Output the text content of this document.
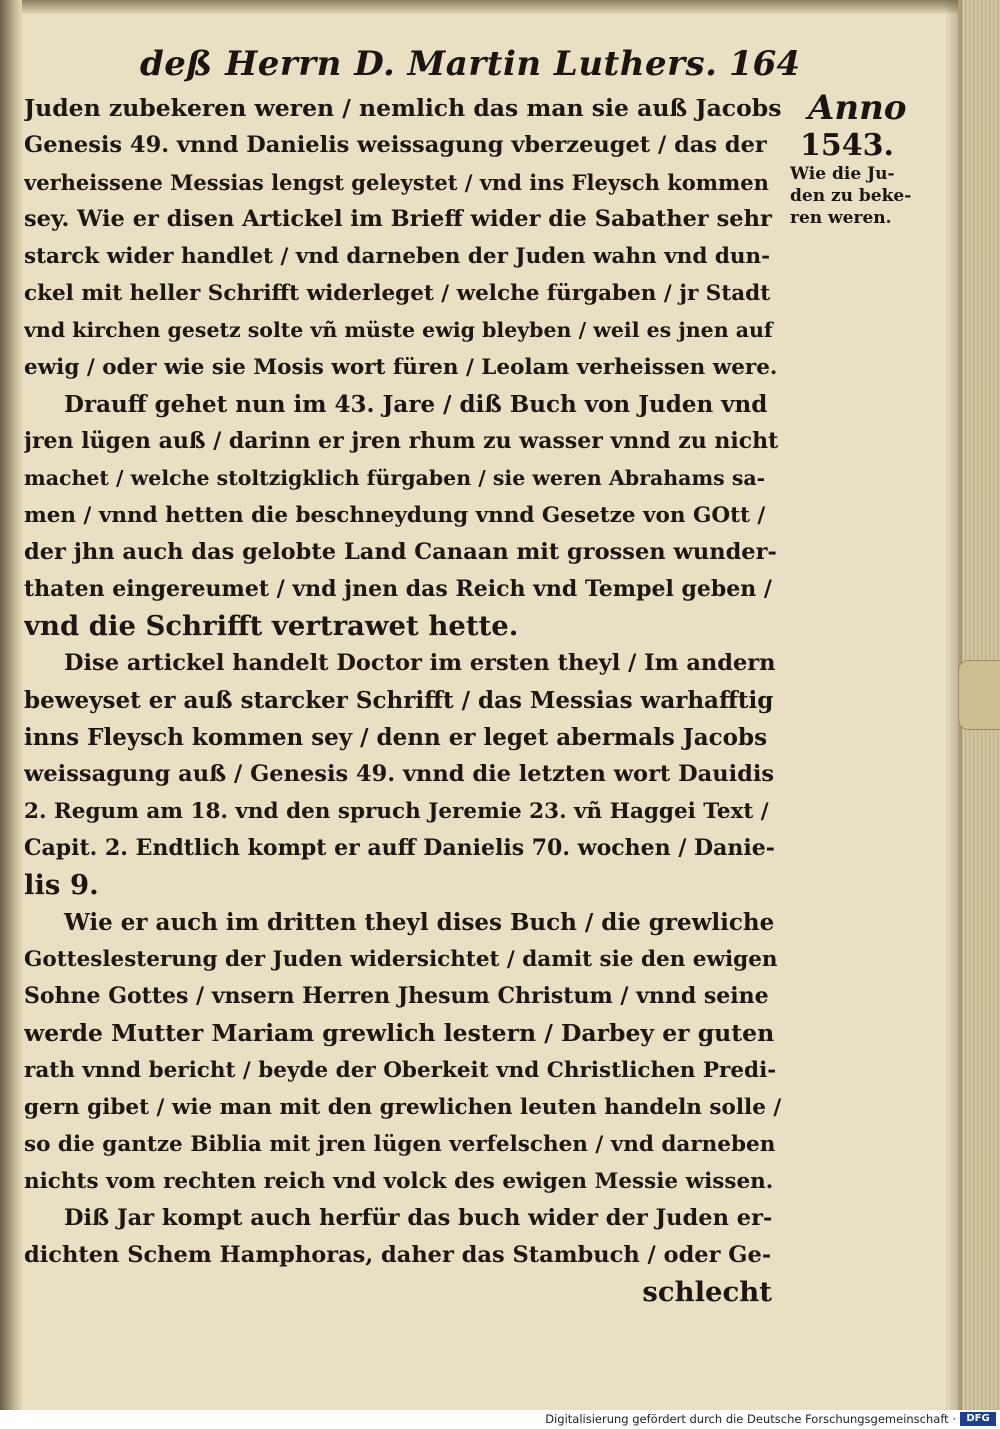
deß Herrn D. Martin Luthers. 164
Anno
1543.
Wie die Ju-
den zu beke-
ren weren.
Juden zubekeren weren / nemlich das man sie auß Jacobs
Genesis 49. vnnd Danielis weissagung vberzeuget / das der
verheissene Messias lengst geleystet / vnd ins Fleysch kommen
sey. Wie er disen Artickel im Brieff wider die Sabather sehr
starck wider handlet / vnd darneben der Juden wahn vnd dun-
ckel mit heller Schrifft widerleget / welche fürgaben / jr Stadt
vnd kirchen gesetz solte vñ müste ewig bleyben / weil es jnen auf
ewig / oder wie sie Mosis wort füren / Leolam verheissen were.
Drauff gehet nun im 43. Jare / diß Buch von Juden vnd
jren lügen auß / darinn er jren rhum zu wasser vnnd zu nicht
machet / welche stoltzigklich fürgaben / sie weren Abrahams sa-
men / vnnd hetten die beschneydung vnnd Gesetze von GOtt /
der jhn auch das gelobte Land Canaan mit grossen wunder-
thaten eingereumet / vnd jnen das Reich vnd Tempel geben /
vnd die Schrifft vertrawet hette.
Dise artickel handelt Doctor im ersten theyl / Im andern
beweyset er auß starcker Schrifft / das Messias warhafftig
inns Fleysch kommen sey / denn er leget abermals Jacobs
weissagung auß / Genesis 49. vnnd die letzten wort Dauidis
2. Regum am 18. vnd den spruch Jeremie 23. vñ Haggei Text /
Capit. 2. Endtlich kompt er auff Danielis 70. wochen / Danie-
lis 9.
Wie er auch im dritten theyl dises Buch / die grewliche
Gotteslesterung der Juden widersichtet / damit sie den ewigen
Sohne Gottes / vnsern Herren Jhesum Christum / vnnd seine
werde Mutter Mariam grewlich lestern / Darbey er guten
rath vnnd bericht / beyde der Oberkeit vnd Christlichen Predi-
gern gibet / wie man mit den grewlichen leuten handeln solle /
so die gantze Biblia mit jren lügen verfelschen / vnd darneben
nichts vom rechten reich vnd volck des ewigen Messie wissen.
Diß Jar kompt auch herfür das buch wider der Juden er-
dichten Schem Hamphoras, daher das Stambuch / oder Ge-
schlecht
Digitalisierung gefördert durch die Deutsche Forschungsgemeinschaft ·	DFG
